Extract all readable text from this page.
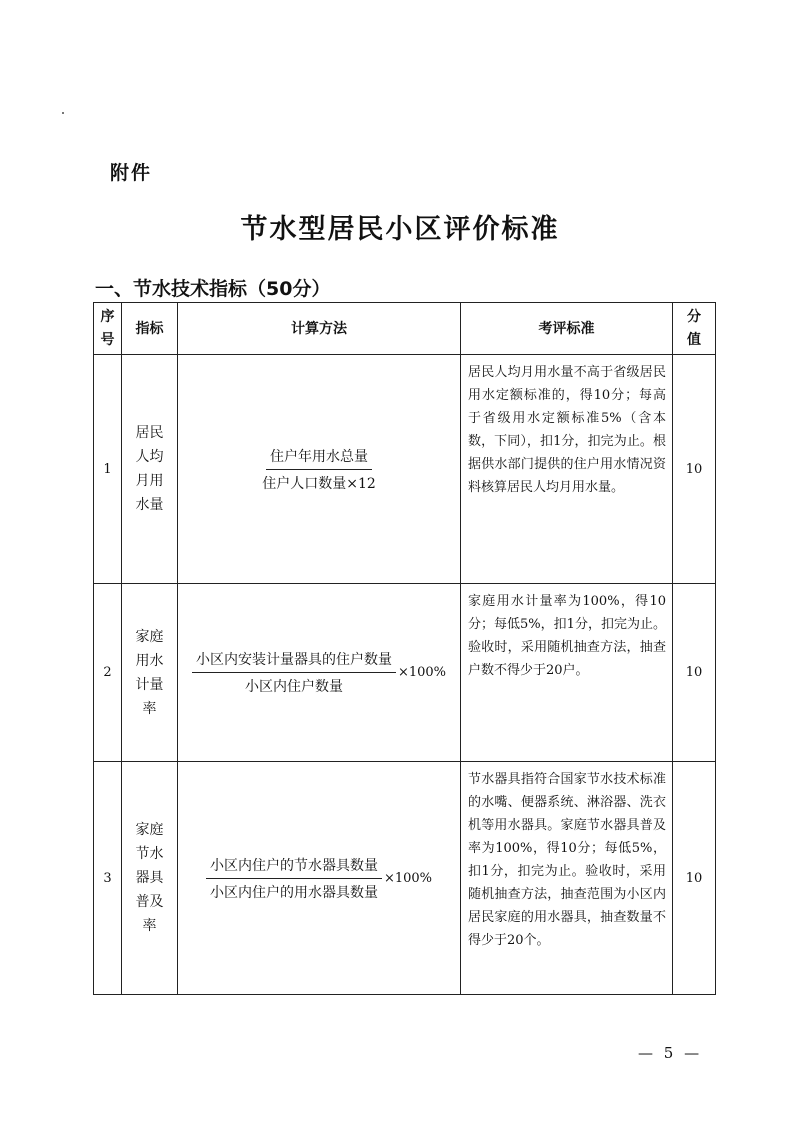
附件
节水型居民小区评价标准
一、节水技术指标（50分）
序号	指标	计算方法	考评标准	分值
1	居民人均月用水量	$\frac{\text{住户年用水总量}}{\text{住户人口数量×12}}$	居民人均月用水量不高于省级居民用水定额标准的，得10分；每高于省级用水定额标准5%（含本数，下同），扣1分，扣完为止。根据供水部门提供的住户用水情况资料核算居民人均月用水量。	10
2	家庭用水计量率	$\frac{\text{小区内安装计量器具的住户数量}}{\text{小区内住户数量}} \times 100\%$	家庭用水计量率为100%，得10分；每低5%，扣1分，扣完为止。验收时，采用随机抽查方法，抽查户数不得少于20户。	10
3	家庭节水器具普及率	$\frac{\text{小区内住户的节水器具数量}}{\text{小区内住户的用水器具数量}} \times 100\%$	节水器具指符合国家节水技术标准的水嘴、便器系统、淋浴器、洗衣机等用水器具。家庭节水器具普及率为100%，得10分；每低5%，扣1分，扣完为止。验收时，采用随机抽查方法，抽查范围为小区内居民家庭的用水器具，抽查数量不得少于20个。	10
— 5 —
